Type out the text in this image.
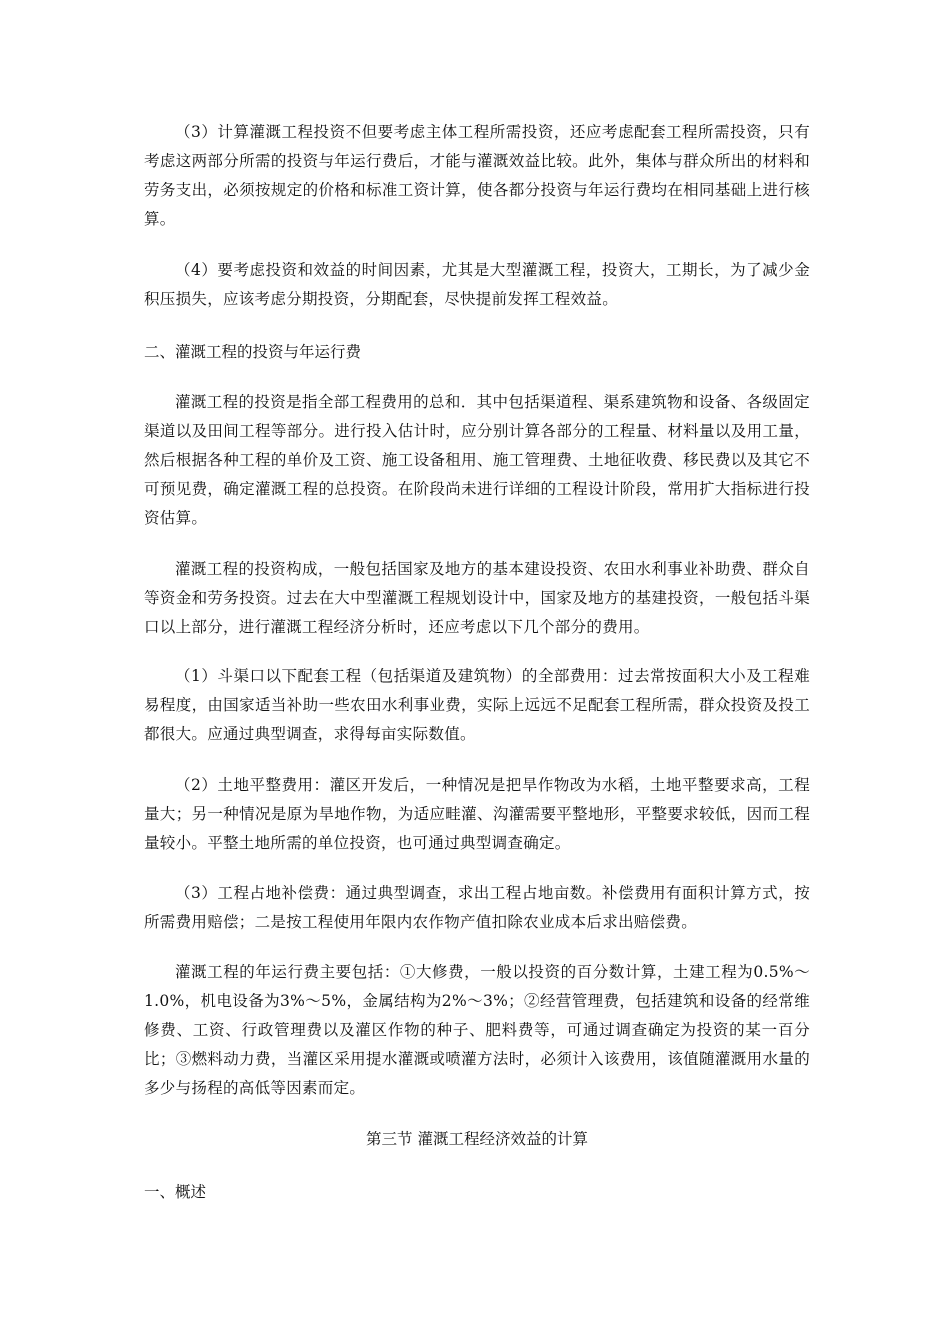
（3）计算灌溉工程投资不但要考虑主体工程所需投资，还应考虑配套工程所需投资，只有考虑这两部分所需的投资与年运行费后，才能与灌溉效益比较。此外，集体与群众所出的材料和劳务支出，必须按规定的价格和标准工资计算，使各都分投资与年运行费均在相同基础上进行核算。

（4）要考虑投资和效益的时间因素，尤其是大型灌溉工程，投资大，工期长，为了减少金积压损失，应该考虑分期投资，分期配套，尽快提前发挥工程效益。

二、灌溉工程的投资与年运行费

灌溉工程的投资是指全部工程费用的总和．其中包括渠道程、渠系建筑物和设备、各级固定渠道以及田间工程等部分。进行投入估计时，应分别计算各部分的工程量、材料量以及用工量，然后根据各种工程的单价及工资、施工设备租用、施工管理费、土地征收费、移民费以及其它不可预见费，确定灌溉工程的总投资。在阶段尚未进行详细的工程设计阶段，常用扩大指标进行投资估算。

灌溉工程的投资构成，一般包括国家及地方的基本建设投资、农田水利事业补助费、群众自等资金和劳务投资。过去在大中型灌溉工程规划设计中，国家及地方的基建投资，一般包括斗渠口以上部分，进行灌溉工程经济分析时，还应考虑以下几个部分的费用。

（1）斗渠口以下配套工程（包括渠道及建筑物）的全部费用：过去常按面积大小及工程难易程度，由国家适当补助一些农田水利事业费，实际上远远不足配套工程所需，群众投资及投工都很大。应通过典型调查，求得每亩实际数值。

（2）土地平整费用：灌区开发后，一种情况是把旱作物改为水稻，土地平整要求高，工程量大；另一种情况是原为旱地作物，为适应畦灌、沟灌需要平整地形，平整要求较低，因而工程量较小。平整土地所需的单位投资，也可通过典型调查确定。

（3）工程占地补偿费：通过典型调查，求出工程占地亩数。补偿费用有面积计算方式，按所需费用赔偿；二是按工程使用年限内农作物产值扣除农业成本后求出赔偿费。

灌溉工程的年运行费主要包括：①大修费，一般以投资的百分数计算，土建工程为0.5%～1.0%，机电设备为3%～5%，金属结构为2%～3%；②经营管理费，包括建筑和设备的经常维修费、工资、行政管理费以及灌区作物的种子、肥料费等，可通过调查确定为投资的某一百分比；③燃料动力费，当灌区采用提水灌溉或喷灌方法时，必须计入该费用，该值随灌溉用水量的多少与扬程的高低等因素而定。

第三节 灌溉工程经济效益的计算

一、概述
